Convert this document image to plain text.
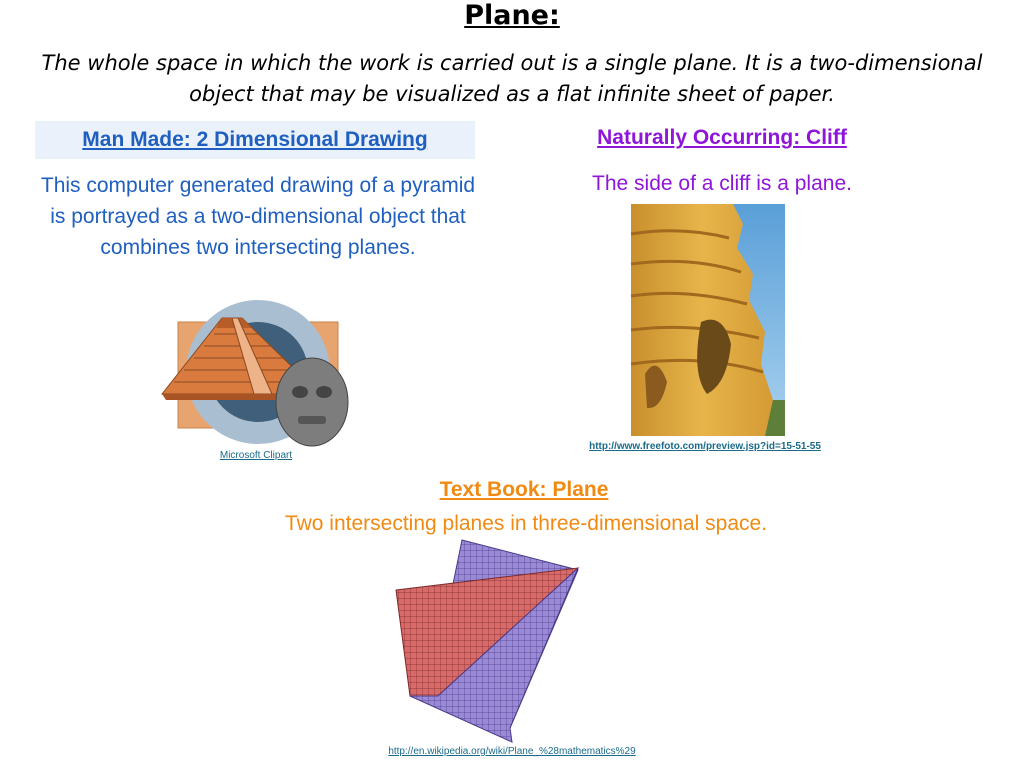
Plane:
The whole space in which the work is carried out is a single plane. It is a two-dimensional object that may be visualized as a flat infinite sheet of paper.
Man Made: 2 Dimensional Drawing
This computer generated drawing of a pyramid is portrayed as a two-dimensional object that combines two intersecting planes.
Microsoft Clipart
Naturally Occurring: Cliff
The side of a cliff is a plane.
http://www.freefoto.com/preview.jsp?id=15-51-55
Text Book: Plane
Two intersecting planes in three-dimensional space.
http://en.wikipedia.org/wiki/Plane_%28mathematics%29
